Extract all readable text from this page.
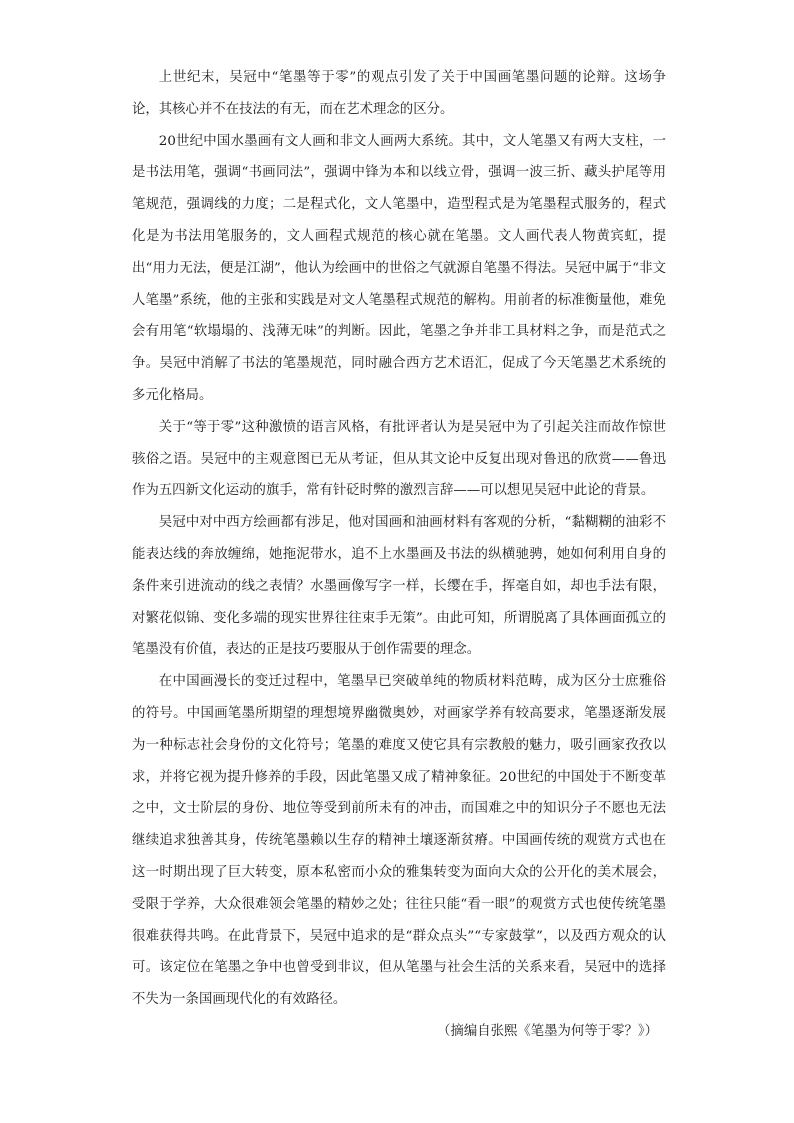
上世纪末，吴冠中“笔墨等于零”的观点引发了关于中国画笔墨问题的论辩。这场争论，其核心并不在技法的有无，而在艺术理念的区分。

20世纪中国水墨画有文人画和非文人画两大系统。其中，文人笔墨又有两大支柱，一是书法用笔，强调“书画同法”，强调中锋为本和以线立骨，强调一波三折、藏头护尾等用笔规范，强调线的力度；二是程式化，文人笔墨中，造型程式是为笔墨程式服务的，程式化是为书法用笔服务的，文人画程式规范的核心就在笔墨。文人画代表人物黄宾虹，提出“用力无法，便是江湖”，他认为绘画中的世俗之气就源自笔墨不得法。吴冠中属于“非文人笔墨”系统，他的主张和实践是对文人笔墨程式规范的解构。用前者的标准衡量他，难免会有用笔“软塌塌的、浅薄无味”的判断。因此，笔墨之争并非工具材料之争，而是范式之争。吴冠中消解了书法的笔墨规范，同时融合西方艺术语汇，促成了今天笔墨艺术系统的多元化格局。

关于“等于零”这种激愤的语言风格，有批评者认为是吴冠中为了引起关注而故作惊世骇俗之语。吴冠中的主观意图已无从考证，但从其文论中反复出现对鲁迅的欣赏——鲁迅作为五四新文化运动的旗手，常有针砭时弊的激烈言辞——可以想见吴冠中此论的背景。

吴冠中对中西方绘画都有涉足，他对国画和油画材料有客观的分析，“黏糊糊的油彩不能表达线的奔放缠绵，她拖泥带水，追不上水墨画及书法的纵横驰骋，她如何利用自身的条件来引进流动的线之表情？水墨画像写字一样，长缨在手，挥毫自如，却也手法有限，对繁花似锦、变化多端的现实世界往往束手无策”。由此可知，所谓脱离了具体画面孤立的笔墨没有价值，表达的正是技巧要服从于创作需要的理念。

在中国画漫长的变迁过程中，笔墨早已突破单纯的物质材料范畴，成为区分士庶雅俗的符号。中国画笔墨所期望的理想境界幽微奥妙，对画家学养有较高要求，笔墨逐渐发展为一种标志社会身份的文化符号；笔墨的难度又使它具有宗教般的魅力，吸引画家孜孜以求，并将它视为提升修养的手段，因此笔墨又成了精神象征。20世纪的中国处于不断变革之中，文士阶层的身份、地位等受到前所未有的冲击，而国难之中的知识分子不愿也无法继续追求独善其身，传统笔墨赖以生存的精神土壤逐渐贫瘠。中国画传统的观赏方式也在这一时期出现了巨大转变，原本私密而小众的雅集转变为面向大众的公开化的美术展会，受限于学养，大众很难领会笔墨的精妙之处；往往只能“看一眼”的观赏方式也使传统笔墨很难获得共鸣。在此背景下，吴冠中追求的是“群众点头”“专家鼓掌”，以及西方观众的认可。该定位在笔墨之争中也曾受到非议，但从笔墨与社会生活的关系来看，吴冠中的选择不失为一条国画现代化的有效路径。

（摘编自张熙《笔墨为何等于零？》）
